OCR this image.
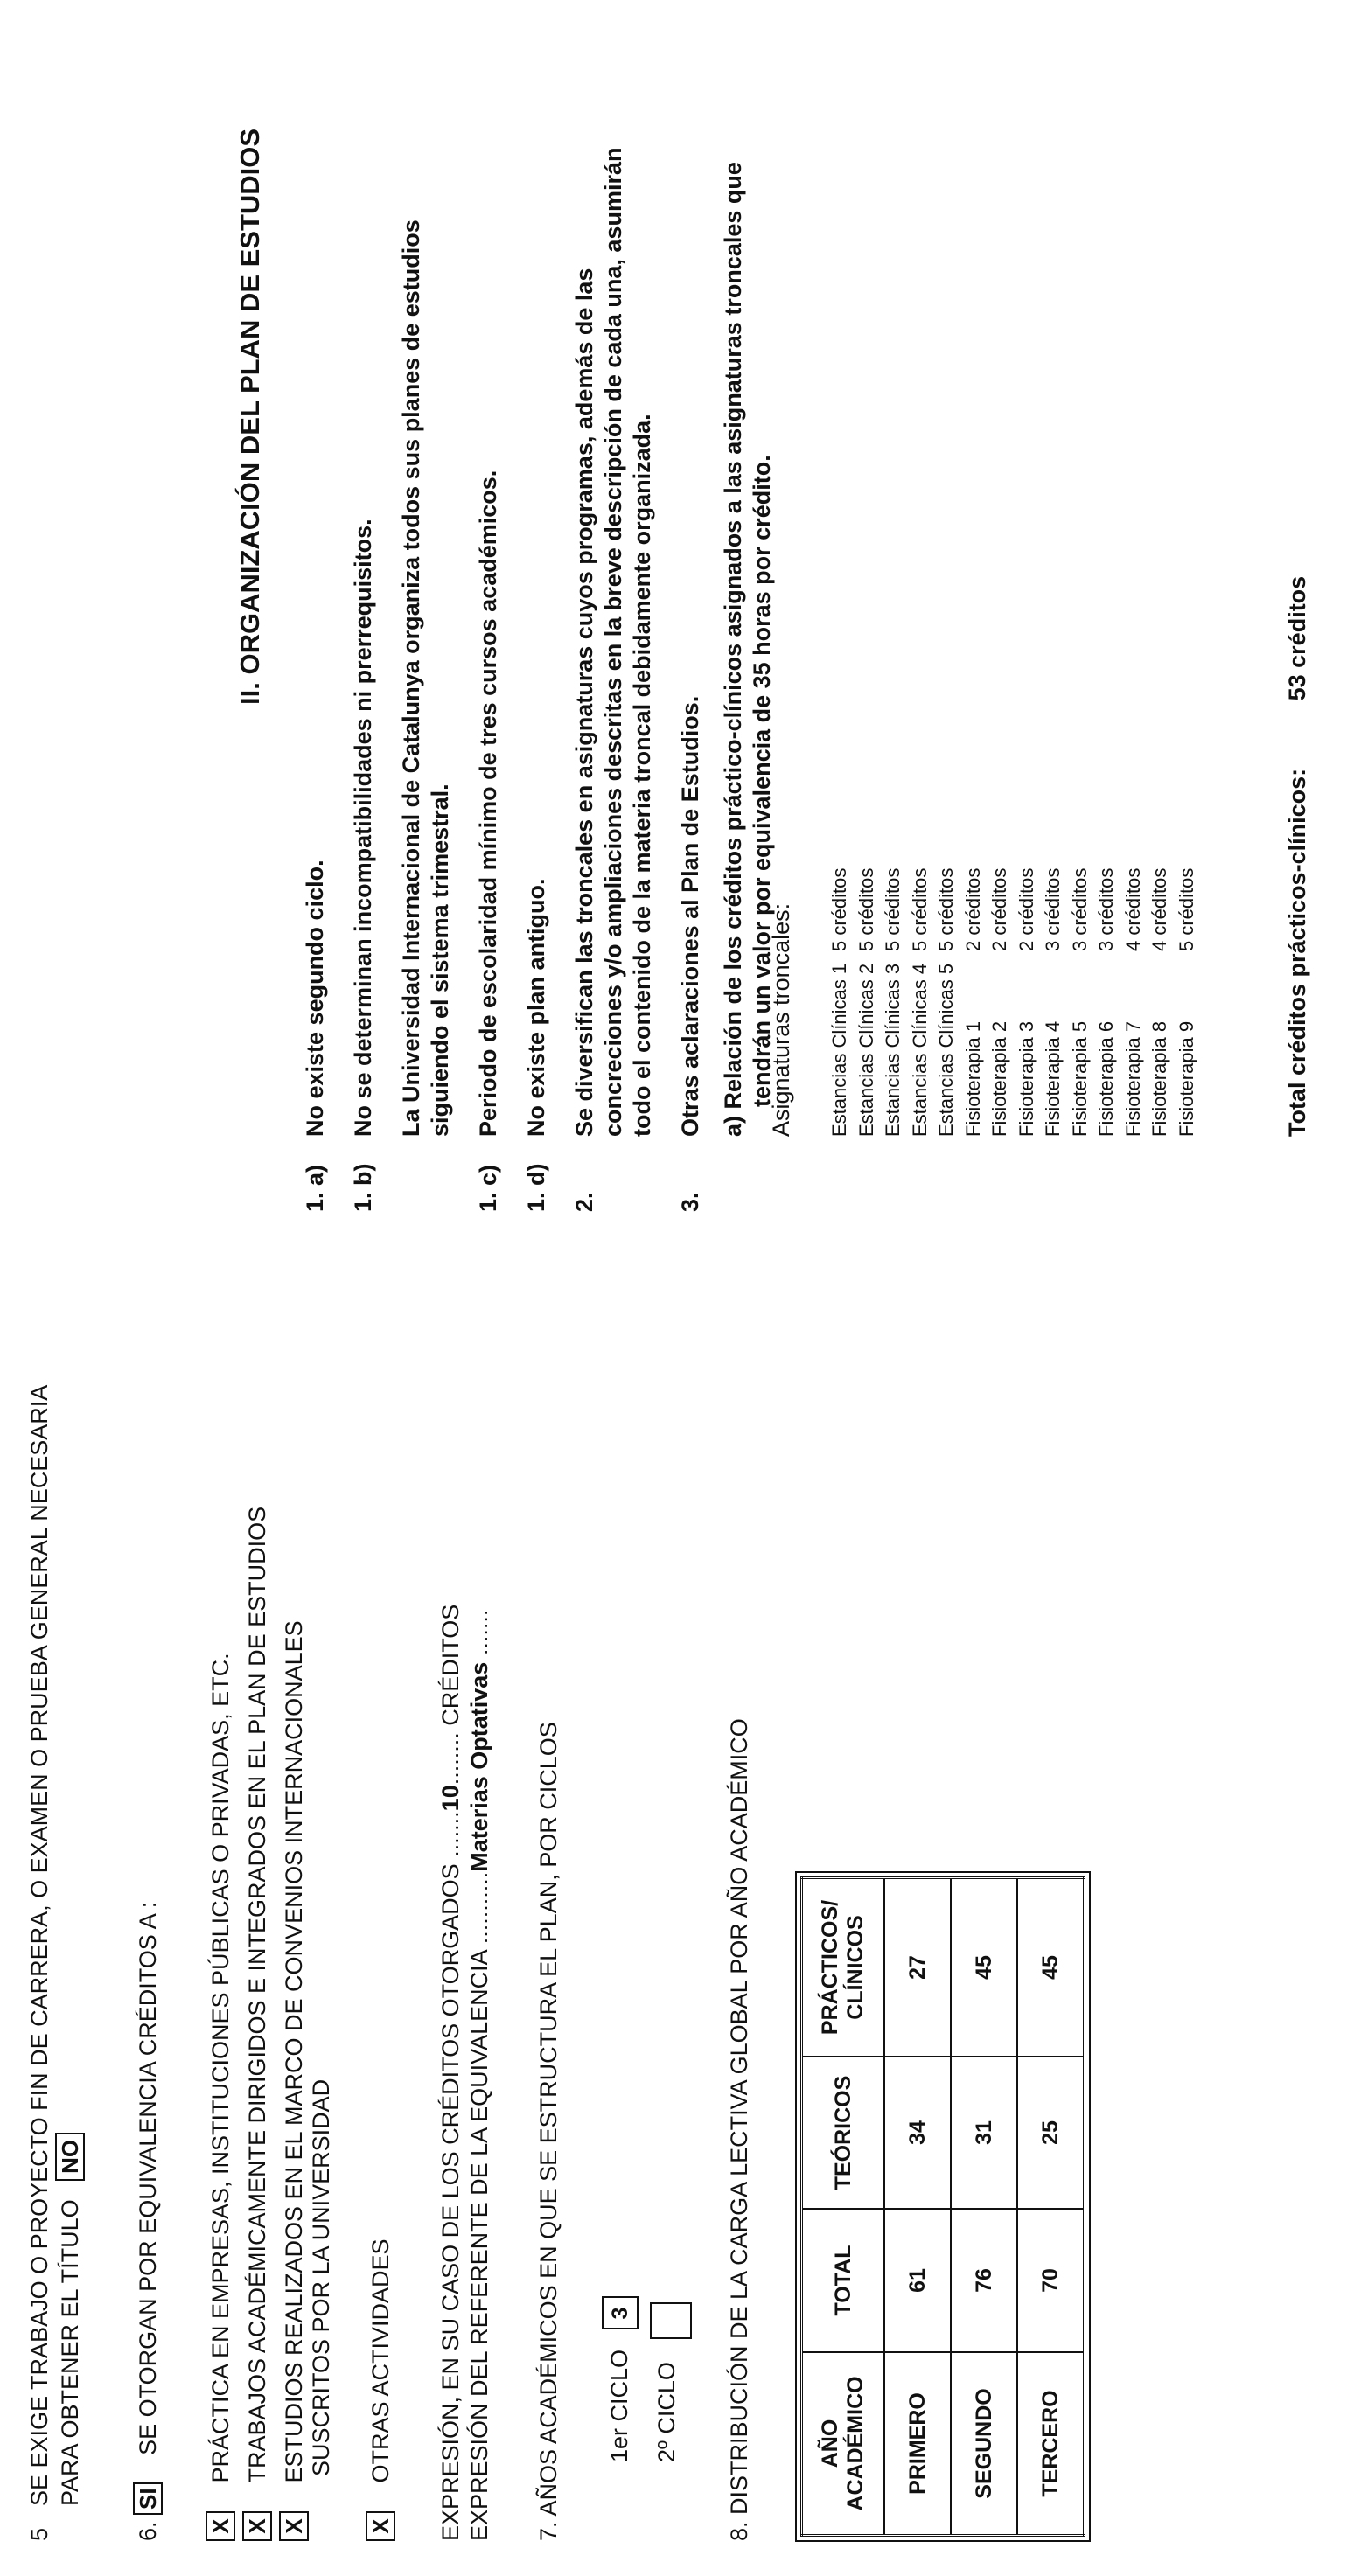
5
SE EXIGE TRABAJO O PROYECTO FIN DE CARRERA, O EXAMEN O PRUEBA GENERAL NECESARIA PARA OBTENER EL TÍTULO NO
6. SI SE OTORGAN POR EQUIVALENCIA CRÉDITOS A :
X PRÁCTICA EN EMPRESAS, INSTITUCIONES PÚBLICAS O PRIVADAS, ETC.
X TRABAJOS ACADÉMICAMENTE DIRIGIDOS E INTEGRADOS EN EL PLAN DE ESTUDIOS
X ESTUDIOS REALIZADOS EN EL MARCO DE CONVENIOS INTERNACIONALES SUSCRITOS POR LA UNIVERSIDAD
X OTRAS ACTIVIDADES EXPRESIÓN, EN SU CASO DE LOS CRÉDITOS OTORGADOS .......10........ CRÉDITOS
EXPRESIÓN DEL REFERENTE DE LA EQUIVALENCIA ...........Materias Optativas .......
7. AÑOS ACADÉMICOS EN QUE SE ESTRUCTURA EL PLAN, POR CICLOS 1er CICLO 3
2º CICLO	8. DISTRIBUCIÓN DE LA CARGA LECTIVA GLOBAL POR AÑO ACADÉMICO	AÑO ACADÉMICO	TOTAL	TEÓRICOS	PRÁCTICOS/ CLÍNICOS
PRIMERO	61	34	27
SEGUNDO	76	31	45
TERCERO	70	25	45
II. ORGANIZACIÓN DEL PLAN DE ESTUDIOS
1. a)
No existe segundo ciclo.
1. b)
No se determinan incompatibilidades ni prerrequisitos. La Universidad Internacional de Catalunya organiza todos sus planes de estudios siguiendo el sistema trimestral.
1. c)
Periodo de escolaridad mínimo de tres cursos académicos.
1. d)
No existe plan antiguo.
2.
Se diversifican las troncales en asignaturas cuyos programas, además de las concreciones y/o ampliaciones descritas en la breve descripción de cada una, asumirán todo el contenido de la materia troncal debidamente organizada.
3.
Otras aclaraciones al Plan de Estudios. a) Relación de los créditos práctico-clínicos asignados a las asignaturas troncales que tendrán un valor por equivalencia de 35 horas por crédito.
Asignaturas troncales: Estancias Clínicas 1
5 créditos
Estancias Clínicas 2
5 créditos
Estancias Clínicas 3
5 créditos
Estancias Clínicas 4
5 créditos
Estancias Clínicas 5
5 créditos
Fisioterapia 1
2 créditos
Fisioterapia 2
2 créditos
Fisioterapia 3
2 créditos
Fisioterapia 4
3 créditos
Fisioterapia 5
3 créditos
Fisioterapia 6
3 créditos
Fisioterapia 7
4 créditos
Fisioterapia 8
4 créditos
Fisioterapia 9
5 créditos	Total créditos prácticos-clínicos: 53 créditos
